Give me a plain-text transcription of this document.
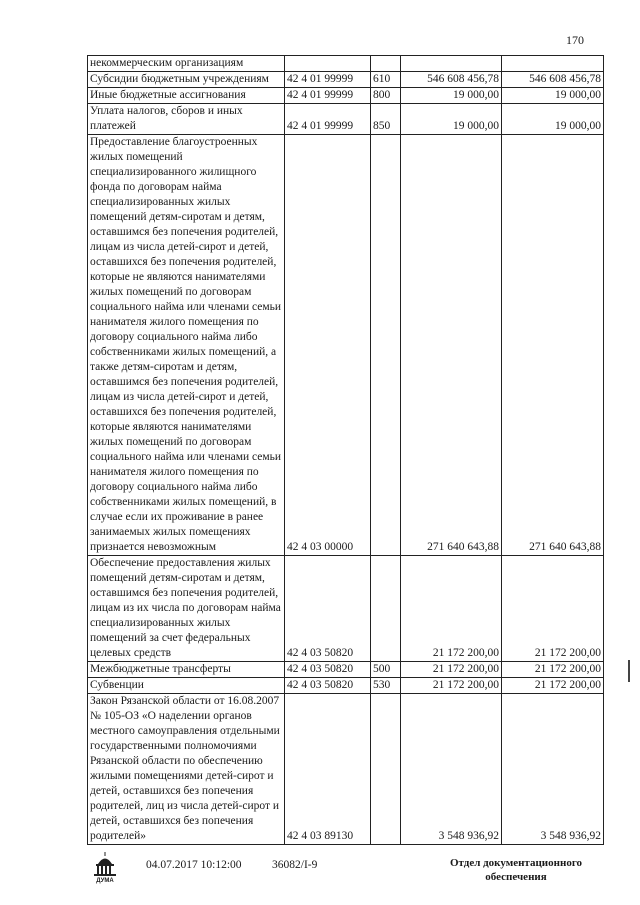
170
некоммерческим организациям				
Субсидии бюджетным учреждениям	42 4 01 99999	610	546 608 456,78	546 608 456,78
Иные бюджетные ассигнования	42 4 01 99999	800	19 000,00	19 000,00
Уплата налогов, сборов и иных платежей	42 4 01 99999	850	19 000,00	19 000,00
Предоставление благоустроенных жилых помещений специализированного жилищного фонда по договорам найма специализированных жилых помещений детям-сиротам и детям, оставшимся без попечения родителей, лицам из числа детей-сирот и детей, оставшихся без попечения родителей, которые не являются нанимателями жилых помещений по договорам социального найма или членами семьи нанимателя жилого помещения по договору социального найма либо собственниками жилых помещений, а также детям-сиротам и детям, оставшимся без попечения родителей, лицам из числа детей-сирот и детей, оставшихся без попечения родителей, которые являются нанимателями жилых помещений по договорам социального найма или членами семьи нанимателя жилого помещения по договору социального найма либо собственниками жилых помещений, в случае если их проживание в ранее занимаемых жилых помещениях признается невозможным	42 4 03 00000		271 640 643,88	271 640 643,88
Обеспечение предоставления жилых помещений детям-сиротам и детям, оставшимся без попечения родителей, лицам из их числа по договорам найма специализированных жилых помещений за счет федеральных целевых средств	42 4 03 50820		21 172 200,00	21 172 200,00
Межбюджетные трансферты	42 4 03 50820	500	21 172 200,00	21 172 200,00
Субвенции	42 4 03 50820	530	21 172 200,00	21 172 200,00
Закон Рязанской области от 16.08.2007 № 105-ОЗ «О наделении органов местного самоуправления отдельными государственными полномочиями Рязанской области по обеспечению жилыми помещениями детей-сирот и детей, оставшихся без попечения родителей, лиц из числа детей-сирот и детей, оставшихся без попечения родителей»	42 4 03 89130		3 548 936,92	3 548 936,92
ДУМА
04.07.2017 10:12:00	36082/I-9	Отдел документационного
обеспечения
